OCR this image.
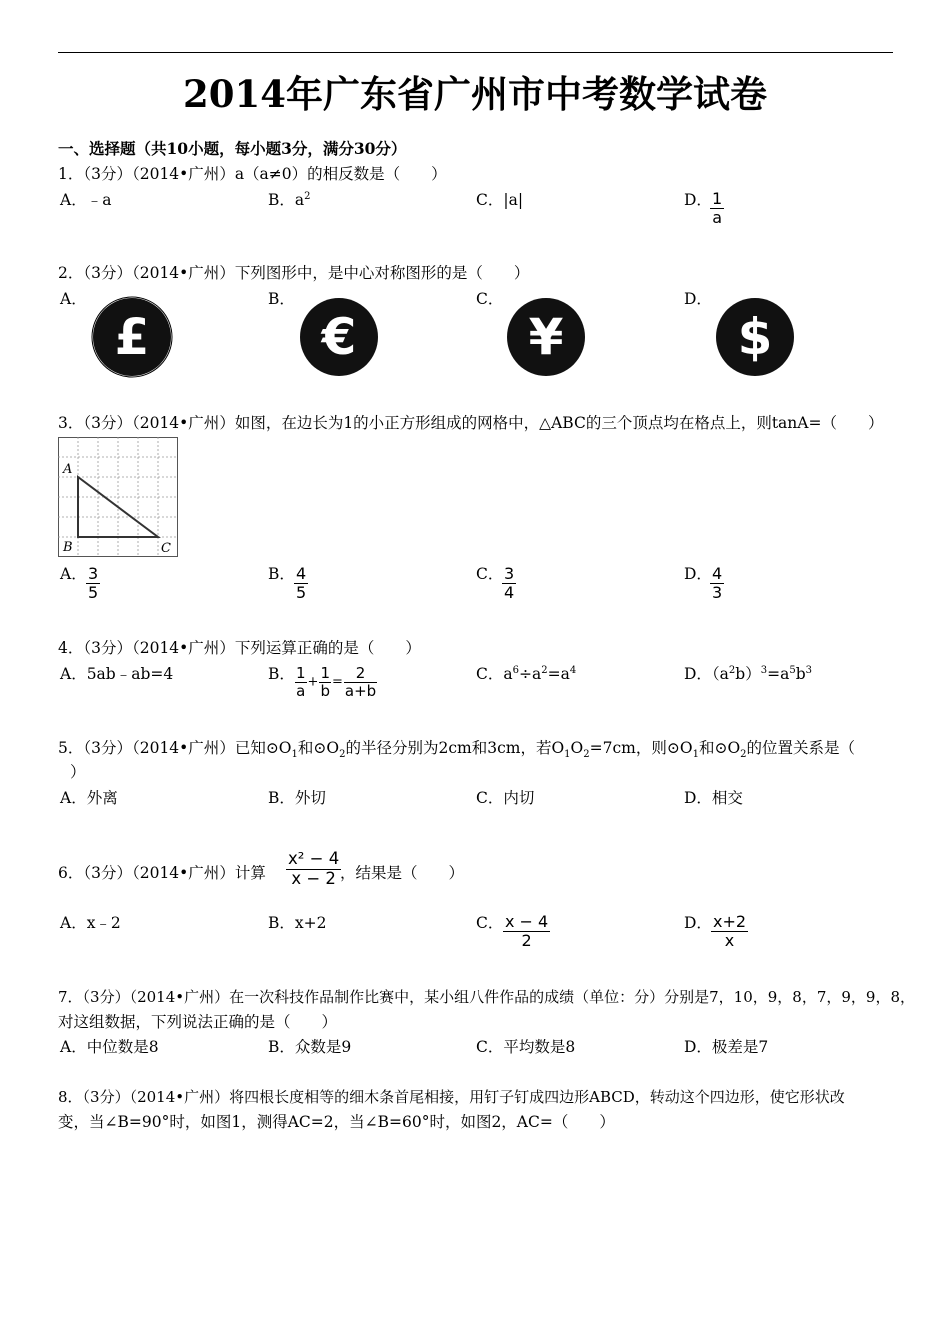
2014年广东省广州市中考数学试卷
一、选择题（共10小题，每小题3分，满分30分）
1．（3分）（2014•广州）a（a≠0）的相反数是（　　）
A．﹣a	B．$a^2$	C．|a|	D．
$\frac{1}{a}$
2．（3分）（2014•广州）下列图形中，是中心对称图形的是（　　）
A．	B．	C．	D．
£	€	¥	$
3．（3分）（2014•广州）如图，在边长为1的小正方形组成的网格中，△ABC的三个顶点均在格点上，则tanA=（　　）
A
B	C
A． $\frac{3}{5}$	B． $\frac{4}{5}$	C．
$\frac{3}{4}$	D．
$\frac{4}{3}$
4．（3分）（2014•广州）下列运算正确的是（　　）
A．5ab﹣ab=4	B． $\frac{1}{a} + \frac{1}{b} = \frac{2}{a+b}$	C．$a^6\div a^2=a^4$	D．$(a^2b)^3=a^5b^3$
5．（3分）（2014•广州）已知$⊙O_1$和$⊙O_2$的半径分别为2cm和3cm，若$O_1O_2=7cm$，则$⊙O_1$和$⊙O_2$的位置关系是（
）
A．外离	B．外切	C．内切	D．相交
6．（3分）（2014•广州）计算 $\frac{\text{x² − 4}}{x - 2}$
，结果是（　　）
A．x﹣2	B．x+2	C． $\frac{x - 4}{2}$	D． $\frac{x+2}{x}$
7．（3分）（2014•广州）在一次科技作品制作比赛中，某小组八件作品的成绩（单位：分）分别是7，10，9，8，7，9，9，8，
对这组数据，下列说法正确的是（　　）
A．中位数是8	B．众数是9	C．平均数是8	D．极差是7
8．（3分）（2014•广州）将四根长度相等的细木条首尾相接，用钉子钉成四边形ABCD，转动这个四边形，使它形状改
变，当∠B=90°时，如图1，测得AC=2，当∠B=60°时，如图2，AC=（　　）
